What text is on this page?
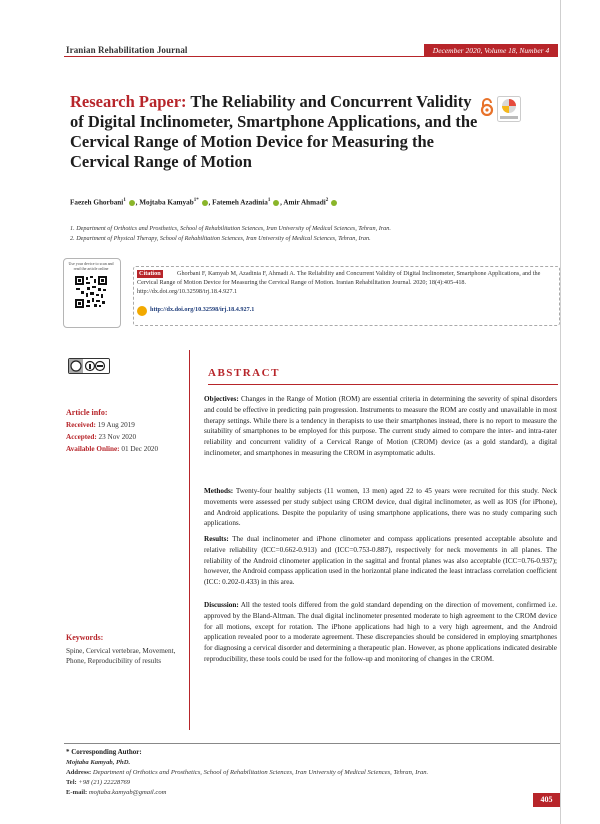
Iranian Rehabilitation Journal	December 2020, Volume 18, Number 4
Research Paper: The Reliability and Concurrent Validity of Digital Inclinometer, Smartphone Applications, and the Cervical Range of Motion Device for Measuring the Cervical Range of Motion
Faezeh Ghorbani$^1$ , Mojtaba Kamyab$^{1*}$ , Fatemeh Azadinia$^1$ , Amir Ahmadi$^2$
1. Department of Orthotics and Prosthetics, School of Rehabilitation Sciences, Iran University of Medical Sciences, Tehran, Iran.
2. Department of Physical Therapy, School of Rehabilitation Sciences, Iran University of Medical Sciences, Tehran, Iran.
Use your device to scan and read the article online
Ghorbani F, Kamyab M, Azadinia F, Ahmadi A. The Reliability and Concurrent Validity of Digital Inclinometer, Smartphone Applications, and the Cervical Range of Motion Device for Measuring the Cervical Range of Motion. Iranian Rehabilitation Journal. 2020; 18(4):405-418. http://dx.doi.org/10.32598/irj.18.4.927.1
Citation
http://dx.doi.org/10.32598/irj.18.4.927.1
Article info:
Received: 19 Aug 2019
Accepted: 23 Nov 2020
Available Online: 01 Dec 2020
Keywords:
Spine, Cervical vertebrae, Movement, Phone, Reproducibility of results
ABSTRACT
Objectives: Changes in the Range of Motion (ROM) are essential criteria in determining the severity of spinal disorders and could be effective in predicting pain progression. Instruments to measure the ROM are costly and unavailable in most therapy settings. While there is a tendency in therapists to use their smartphones instead, there is no report to measure the suitability of smartphones to be employed for this purpose. The current study aimed to compare the inter- and intra-rater reliability and concurrent validity of a Cervical Range of Motion (CROM) device (as a gold standard), a digital inclinometer, and smartphones in measuring the CROM in asymptomatic adults.
Methods: Twenty-four healthy subjects (11 women, 13 men) aged 22 to 45 years were recruited for this study. Neck movements were assessed per study subject using CROM device, dual digital inclinometer, as well as IOS (for iPhone), and Android applications. Despite the popularity of using smartphone applications, there was no study comparing such applications.
Results: The dual inclinometer and iPhone clinometer and compass applications presented acceptable absolute and relative reliability (ICC=0.662-0.913) and (ICC=0.753-0.887), respectively for neck movements in all planes. The reliability of the Android clinometer application in the sagittal and frontal planes was also acceptable (ICC=0.76-0.937); however, the Android compass application used in the horizontal plane indicated the least intraclass correlation coefficient (ICC: 0.202-0.433) in this area.
Discussion: All the tested tools differed from the gold standard depending on the direction of movement, confirmed i.e. approved by the Bland-Altman. The dual digital inclinometer presented moderate to high agreement to the CROM device for all motions, except for rotation. The iPhone applications had high to a very high agreement, and the Android application revealed poor to a moderate agreement. These discrepancies should be considered in employing smartphones for diagnosing a cervical disorder and determining a therapeutic plan. However, as phone applications indicated desirable reproducibility, these tools could be used for the follow-up and monitoring of changes in the CROM.
* Corresponding Author:
Mojtaba Kamyab, PhD.
Address: Department of Orthotics and Prosthetics, School of Rehabilitation Sciences, Iran University of Medical Sciences, Tehran, Iran.
Tel: +98 (21) 22228769
E-mail: mojtaba.kamyab@gmail.com
405
